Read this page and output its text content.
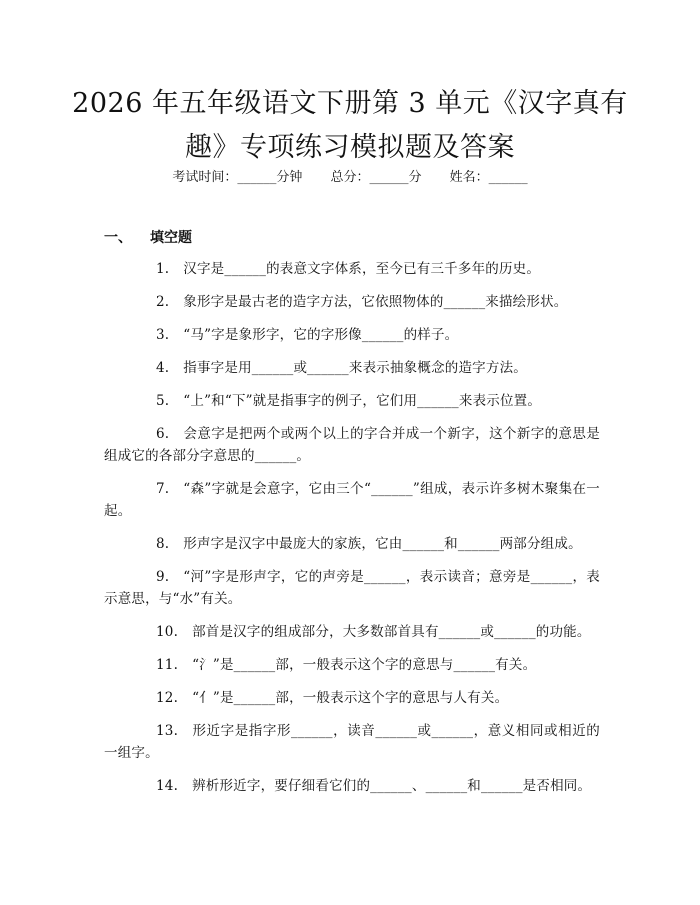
2026 年五年级语文下册第 3 单元《汉字真有趣》专项练习模拟题及答案
考试时间：______分钟 总分：______分 姓名：______
一、 填空题
1. 汉字是______的表意文字体系，至今已有三千多年的历史。
2. 象形字是最古老的造字方法，它依照物体的______来描绘形状。
3. “马”字是象形字，它的字形像______的样子。
4. 指事字是用______或______来表示抽象概念的造字方法。
5. “上”和“下”就是指事字的例子，它们用______来表示位置。
6. 会意字是把两个或两个以上的字合并成一个新字，这个新字的意思是组成它的各部分字意思的______。
7. “森”字就是会意字，它由三个“______”组成，表示许多树木聚集在一起。
8. 形声字是汉字中最庞大的家族，它由______和______两部分组成。
9. “河”字是形声字，它的声旁是______，表示读音；意旁是______，表示意思，与“水”有关。
10. 部首是汉字的组成部分，大多数部首具有______或______的功能。
11. “氵”是______部，一般表示这个字的意思与______有关。
12. “亻”是______部，一般表示这个字的意思与人有关。
13. 形近字是指字形______，读音______或______，意义相同或相近的一组字。
14. 辨析形近字，要仔细看它们的______、______和______是否相同。
